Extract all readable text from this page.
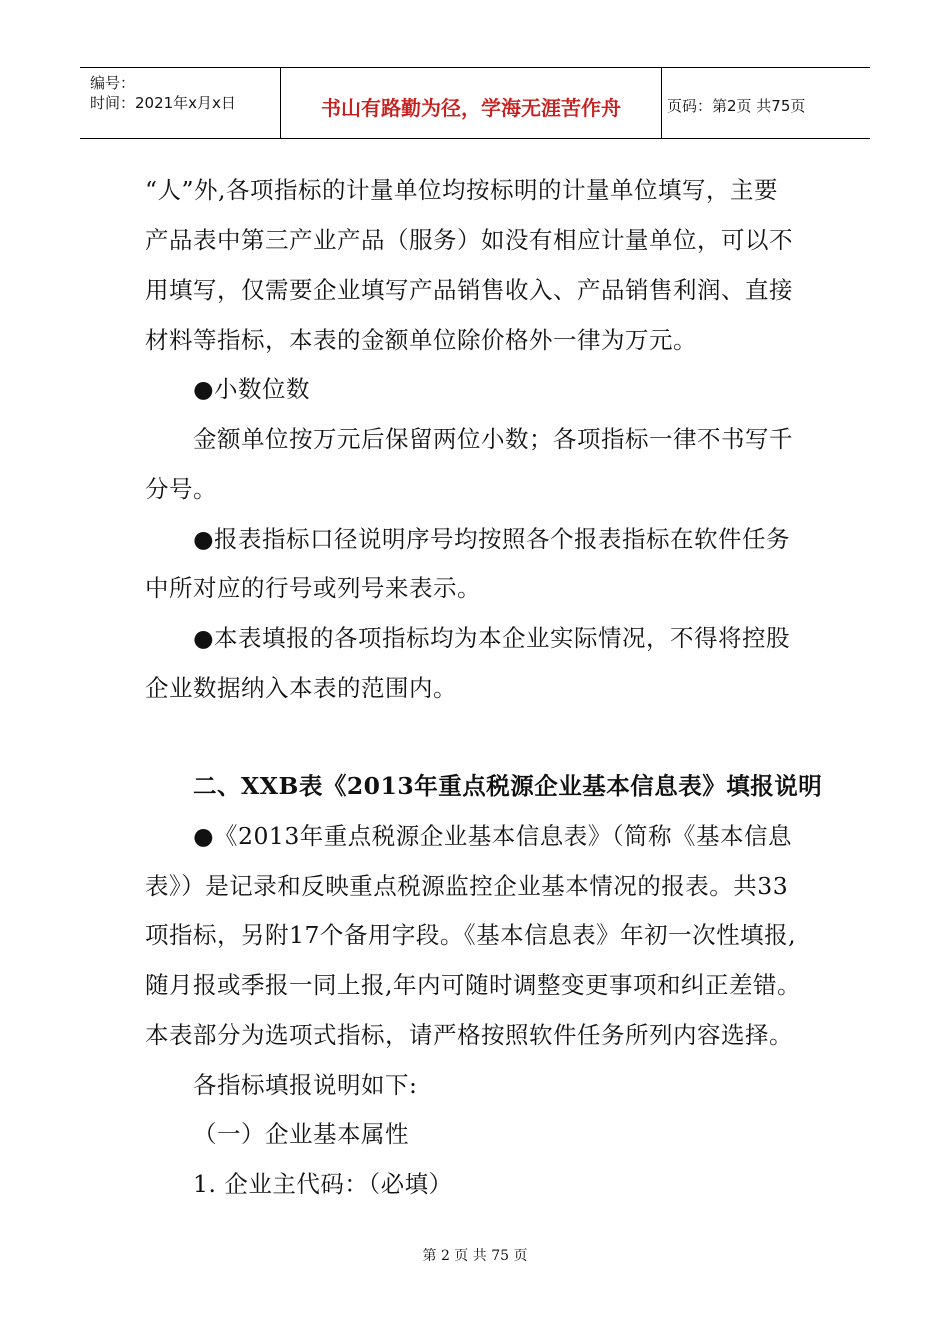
编号：
时间：2021年x月x日	书山有路勤为径，学海无涯苦作舟	页码：第2页 共75页
“人”外,各项指标的计量单位均按标明的计量单位填写，主要
产品表中第三产业产品（服务）如没有相应计量单位，可以不
用填写，仅需要企业填写产品销售收入、产品销售利润、直接
材料等指标，本表的金额单位除价格外一律为万元。
●小数位数
金额单位按万元后保留两位小数；各项指标一律不书写千
分号。
●报表指标口径说明序号均按照各个报表指标在软件任务
中所对应的行号或列号来表示。
●本表填报的各项指标均为本企业实际情况，不得将控股
企业数据纳入本表的范围内。
二、XXB表《2013年重点税源企业基本信息表》填报说明
●《2013年重点税源企业基本信息表》（简称《基本信息
表》）是记录和反映重点税源监控企业基本情况的报表。共33
项指标，另附17个备用字段。《基本信息表》年初一次性填报,
随月报或季报一同上报,年内可随时调整变更事项和纠正差错。
本表部分为选项式指标，请严格按照软件任务所列内容选择。
各指标填报说明如下:
（一）企业基本属性
1. 企业主代码：（必填）
第 2 页 共 75 页
